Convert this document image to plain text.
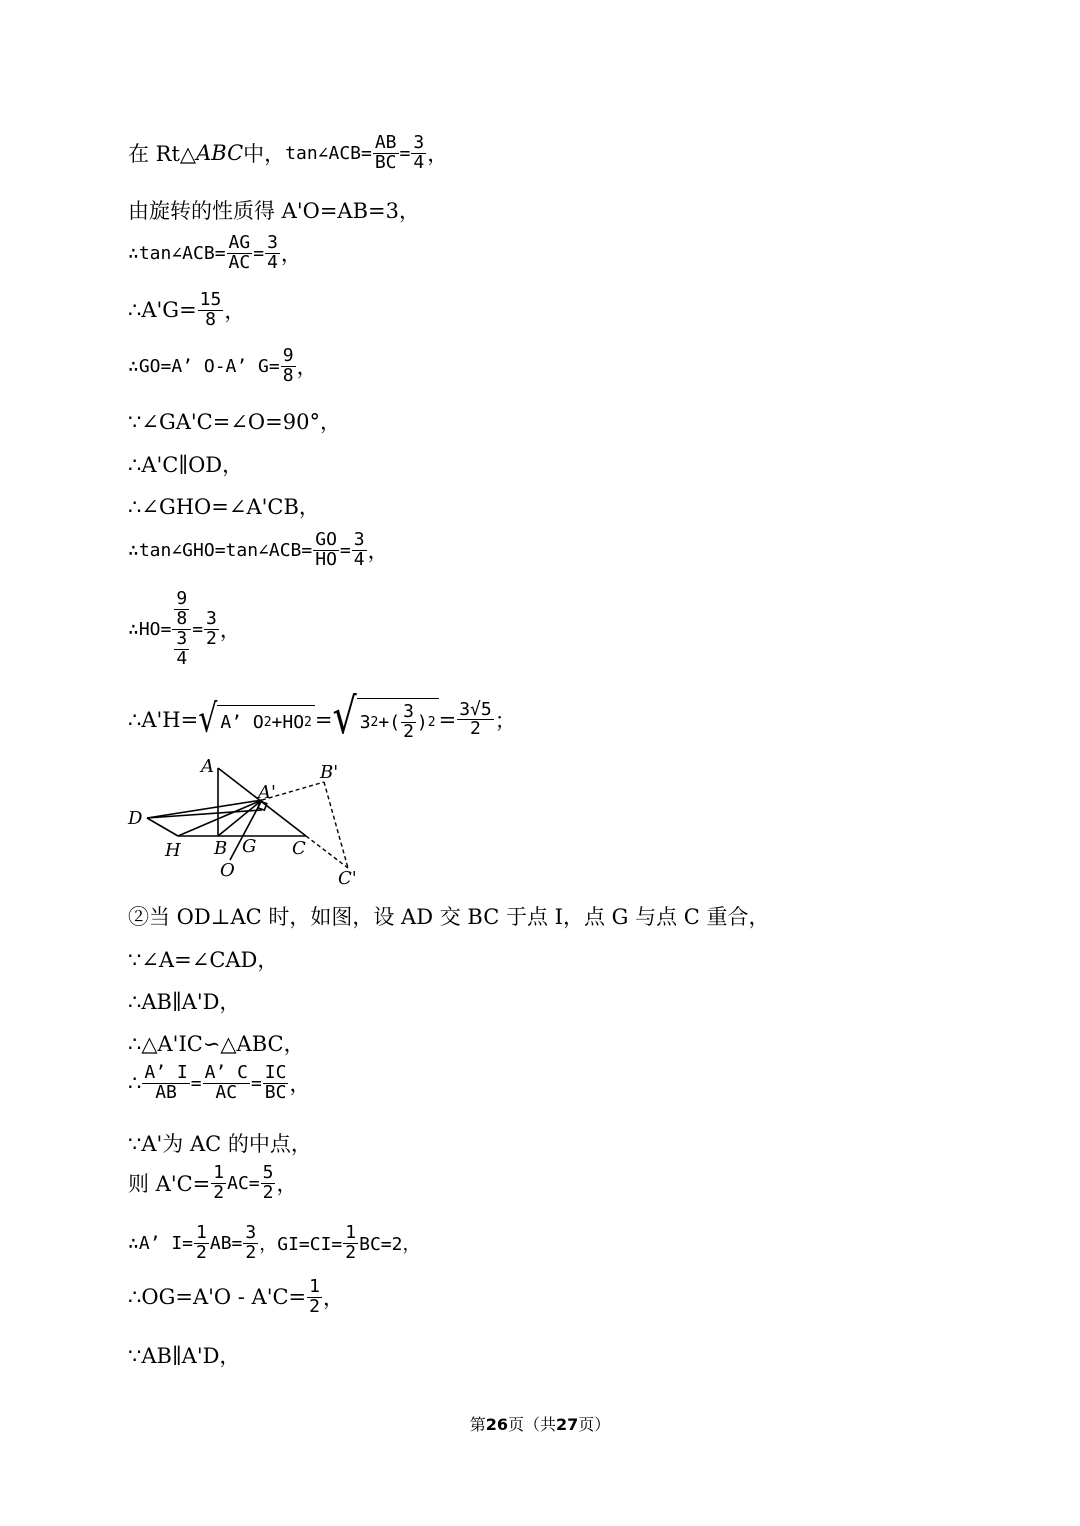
在 Rt△ ABC 中， tan∠ACB= $\frac{AB}{BC} = \frac{3}{4}$ ，
由旋转的性质得 A'O=AB=3，
∴tan∠ACB= $\frac{AG}{AC} = \frac{3}{4}$ ，
∴A'G= $\frac{15}{8}$ ，
∴GO=A’ O-A’ $G= \frac{9}{8}$ ，
∵∠GA'C=∠O=90°，
∴A'C∥OD，
∴∠GHO=∠A'CB，
∴tan∠GHO=tan∠ACB= $\frac{GO}{HO} = \frac{3}{4}$ ，
∴HO= 9
8
3
$4 = \frac{3}{2}$ ，
∴A'H= √ A’ O 2 +HO 2 = √ 3 2 +( $\frac{3}{2}$ ) $2 = \frac{3√5}{2}$ ；
A
A'
B'
D
H B G C
O	C'
②当 OD⊥AC 时，如图，设 AD 交 BC 于点 I，点 G 与点 C 重合，
∵∠A=∠CAD，
∴AB∥A'D，
∴△A'IC∽△ABC，
∴ $\frac{A’ I}{AB} = \frac{A’ C}{AC} = \frac{IC}{BC}$ ，
∵A'为 AC 的中点，
则 $A'C= \frac{1}{2} AC= \frac{5}{2}$ ，
∴A’ $I= \frac{1}{2} AB= \frac{3}{2}$ ，$GI=CI= \frac{1}{2} BC=2$，
∴OG=A'O - $A'C= \frac{1}{2}$ ，
∵AB∥A'D，
第26页（共27页）
